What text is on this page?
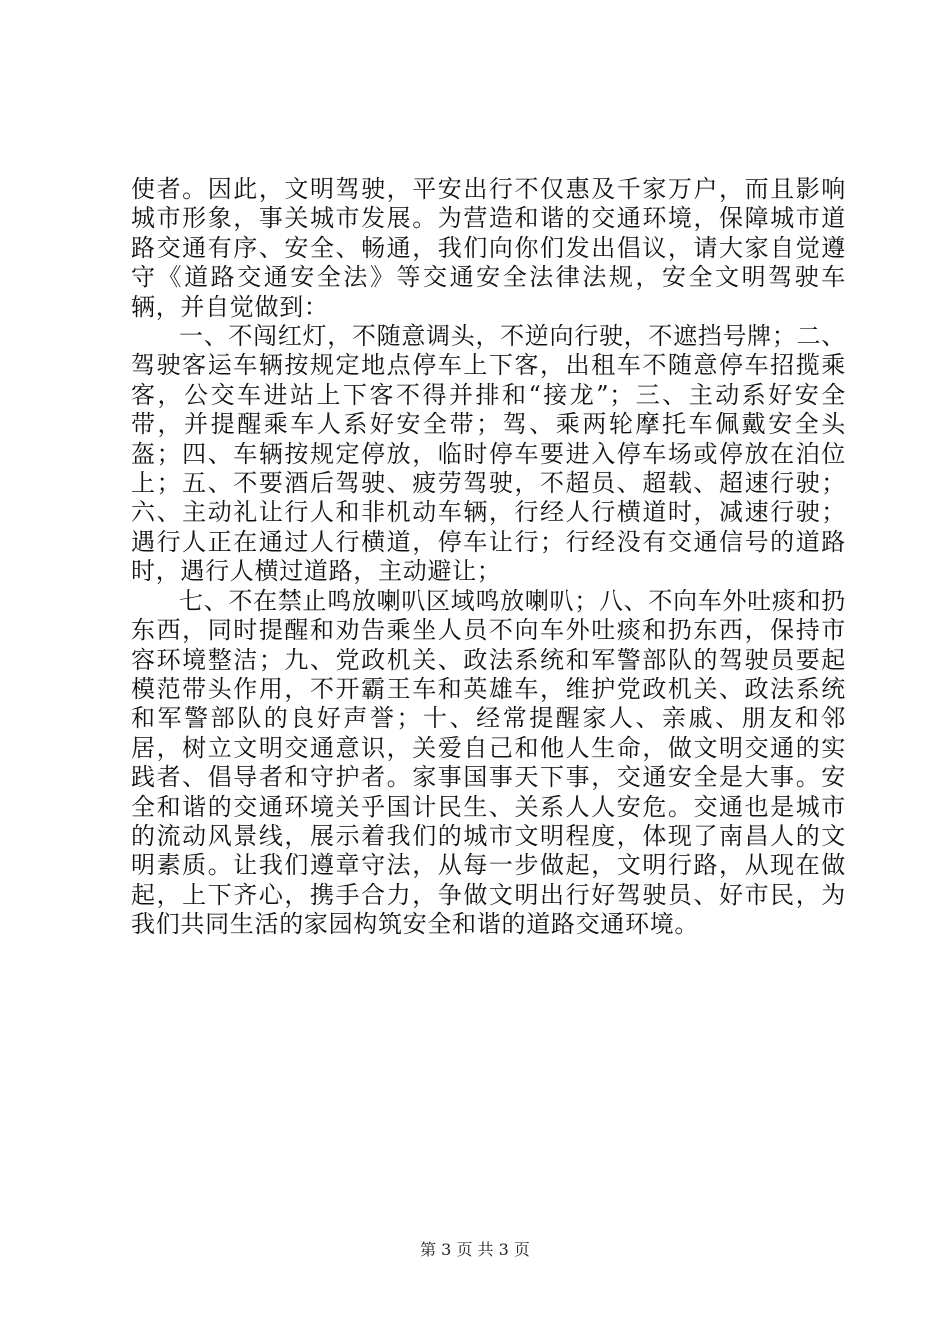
使者。因此，文明驾驶，平安出行不仅惠及千家万户，而且影响城市形象，事关城市发展。为营造和谐的交通环境，保障城市道路交通有序、安全、畅通，我们向你们发出倡议，请大家自觉遵守《道路交通安全法》等交通安全法律法规，安全文明驾驶车辆，并自觉做到：

一、不闯红灯，不随意调头，不逆向行驶，不遮挡号牌；二、驾驶客运车辆按规定地点停车上下客，出租车不随意停车招揽乘客，公交车进站上下客不得并排和“接龙”；三、主动系好安全带，并提醒乘车人系好安全带；驾、乘两轮摩托车佩戴安全头盔；四、车辆按规定停放，临时停车要进入停车场或停放在泊位上；五、不要酒后驾驶、疲劳驾驶，不超员、超载、超速行驶；六、主动礼让行人和非机动车辆，行经人行横道时，减速行驶；遇行人正在通过人行横道，停车让行；行经没有交通信号的道路时，遇行人横过道路，主动避让；

七、不在禁止鸣放喇叭区域鸣放喇叭；八、不向车外吐痰和扔东西，同时提醒和劝告乘坐人员不向车外吐痰和扔东西，保持市容环境整洁；九、党政机关、政法系统和军警部队的驾驶员要起模范带头作用，不开霸王车和英雄车，维护党政机关、政法系统和军警部队的良好声誉；十、经常提醒家人、亲戚、朋友和邻居，树立文明交通意识，关爱自己和他人生命，做文明交通的实践者、倡导者和守护者。家事国事天下事，交通安全是大事。安全和谐的交通环境关乎国计民生、关系人人安危。交通也是城市的流动风景线，展示着我们的城市文明程度，体现了南昌人的文明素质。让我们遵章守法，从每一步做起，文明行路，从现在做起，上下齐心，携手合力，争做文明出行好驾驶员、好市民，为我们共同生活的家园构筑安全和谐的道路交通环境。

第 3 页 共 3 页
